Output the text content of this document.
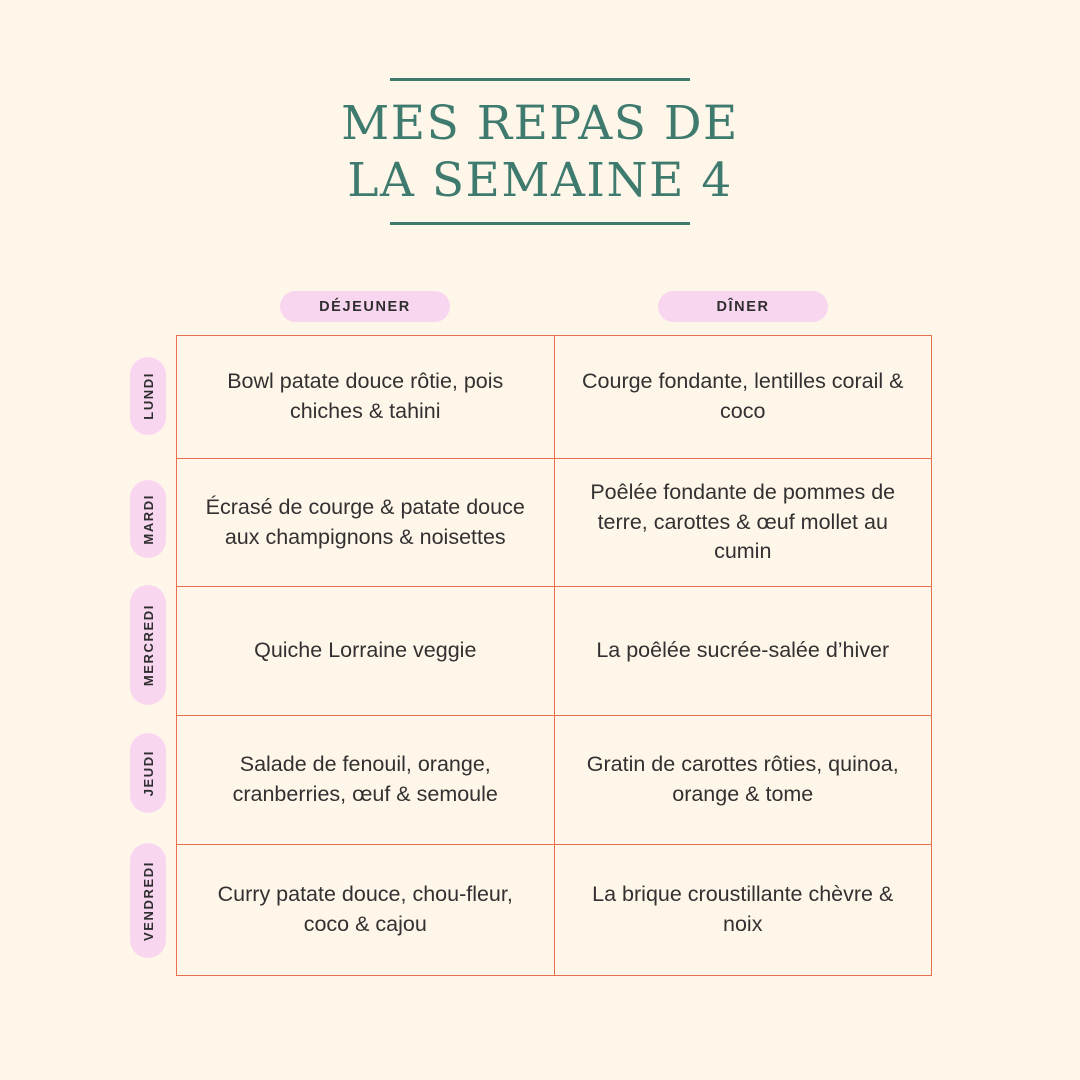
MES REPAS DE
LA SEMAINE 4
DÉJEUNER	DÎNER
LUNDI
MARDI
MERCREDI
JEUDI
VENDREDI
Bowl patate douce rôtie, pois chiches & tahini
Courge fondante, lentilles corail & coco
Écrasé de courge & patate douce aux champignons & noisettes
Poêlée fondante de pommes de terre, carottes & œuf mollet au cumin
Quiche Lorraine veggie	La poêlée sucrée-salée d’hiver
Salade de fenouil, orange, cranberries, œuf & semoule
Gratin de carottes rôties, quinoa, orange & tome
Curry patate douce, chou-fleur, coco & cajou
La brique croustillante chèvre & noix
